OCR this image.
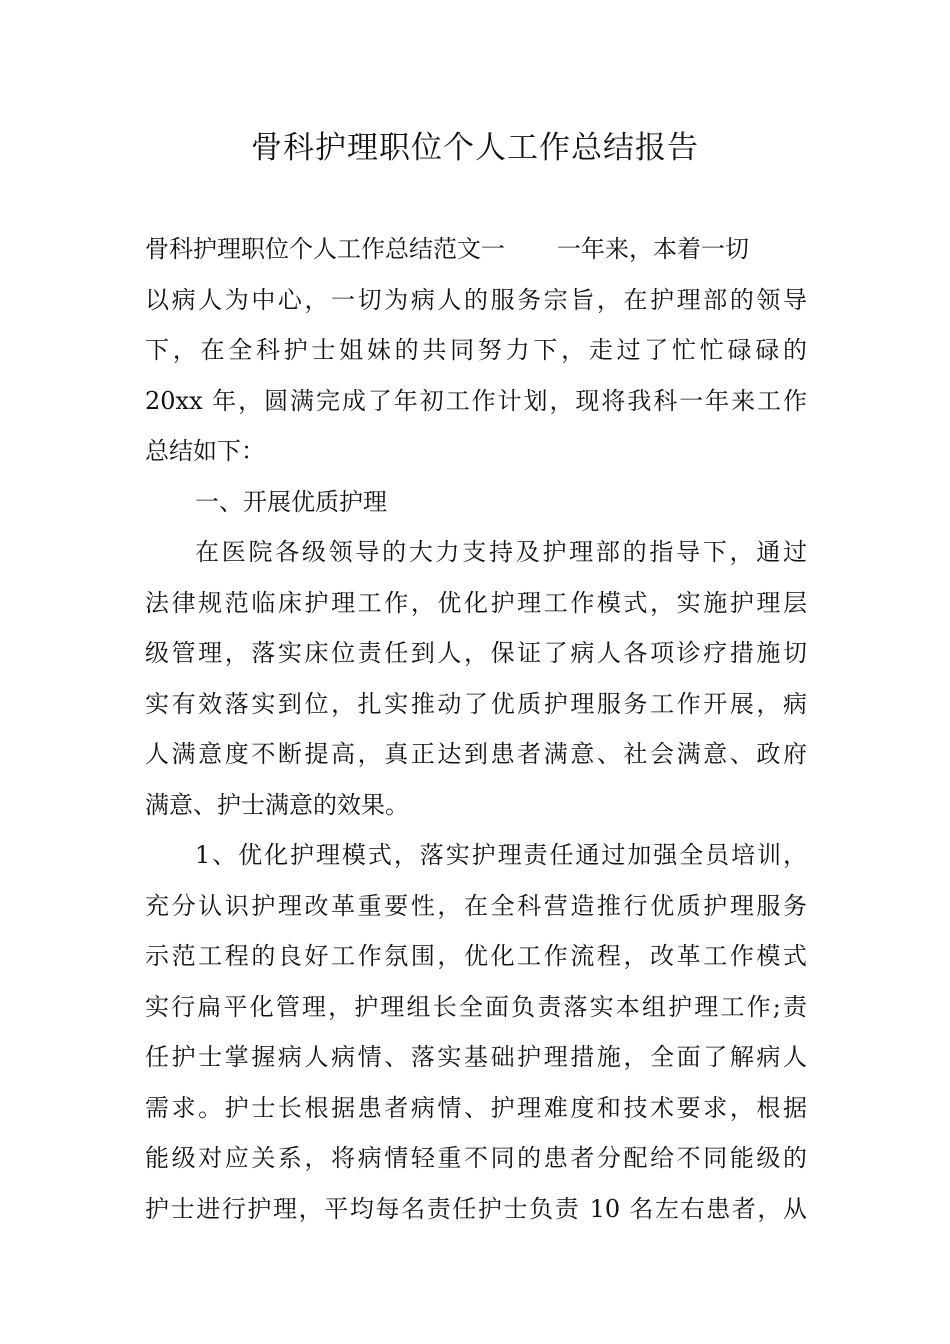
骨科护理职位个人工作总结报告
骨科护理职位个人工作总结范文一 一年来，本着一切
以病人为中心，一切为病人的服务宗旨，在护理部的领导
下，在全科护士姐妹的共同努力下，走过了忙忙碌碌的
20xx 年，圆满完成了年初工作计划，现将我科一年来工作
总结如下：
一、开展优质护理
在医院各级领导的大力支持及护理部的指导下，通过
法律规范临床护理工作，优化护理工作模式，实施护理层
级管理，落实床位责任到人，保证了病人各项诊疗措施切
实有效落实到位，扎实推动了优质护理服务工作开展，病
人满意度不断提高，真正达到患者满意、社会满意、政府
满意、护士满意的效果。
1、优化护理模式，落实护理责任通过加强全员培训，
充分认识护理改革重要性，在全科营造推行优质护理服务
示范工程的良好工作氛围，优化工作流程，改革工作模式
实行扁平化管理，护理组长全面负责落实本组护理工作;责
任护士掌握病人病情、落实基础护理措施，全面了解病人
需求。护士长根据患者病情、护理难度和技术要求，根据
能级对应关系，将病情轻重不同的患者分配给不同能级的
护士进行护理，平均每名责任护士负责 10 名左右患者，从
